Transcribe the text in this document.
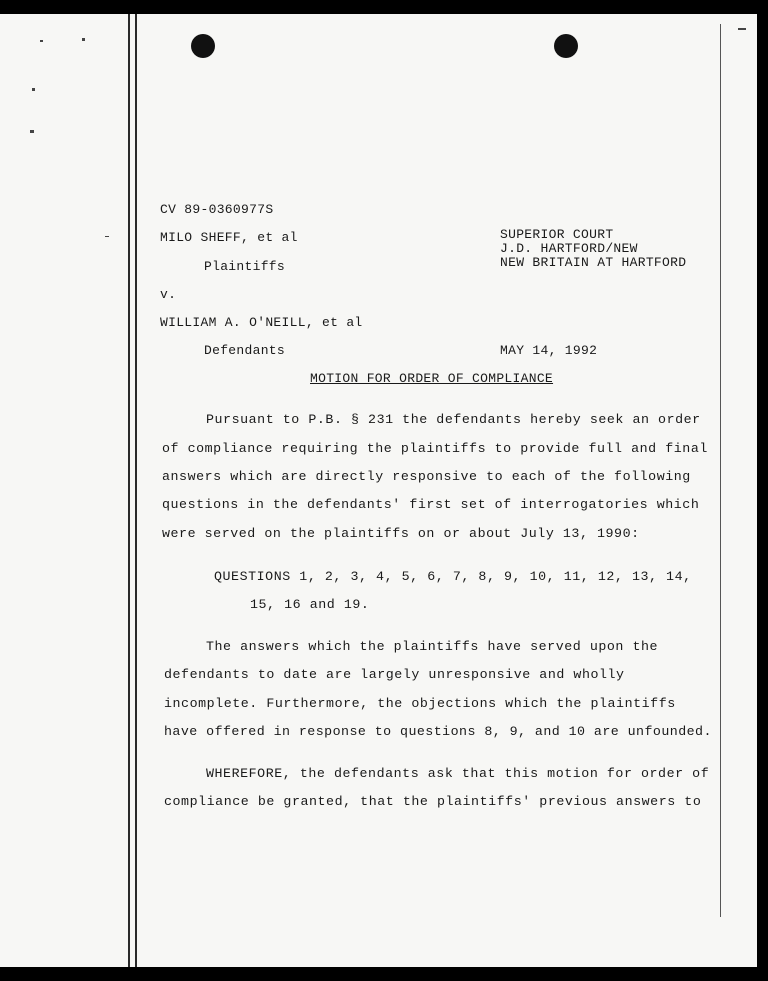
CV 89-0360977S
MILO SHEFF, et al
Plaintiffs
v.
WILLIAM A. O'NEILL, et al
Defendants
SUPERIOR COURT
J.D. HARTFORD/NEW
NEW BRITAIN AT HARTFORD
MAY 14, 1992
MOTION FOR ORDER OF COMPLIANCE
Pursuant to P.B. § 231 the defendants hereby seek an order
of compliance requiring the plaintiffs to provide full and final
answers which are directly responsive to each of the following
questions in the defendants' first set of interrogatories which
were served on the plaintiffs on or about July 13, 1990:
QUESTIONS 1, 2, 3, 4, 5, 6, 7, 8, 9, 10, 11, 12, 13, 14,
15, 16 and 19.
The answers which the plaintiffs have served upon the
defendants to date are largely unresponsive and wholly
incomplete. Furthermore, the objections which the plaintiffs
have offered in response to questions 8, 9, and 10 are unfounded.
WHEREFORE, the defendants ask that this motion for order of
compliance be granted, that the plaintiffs' previous answers to
